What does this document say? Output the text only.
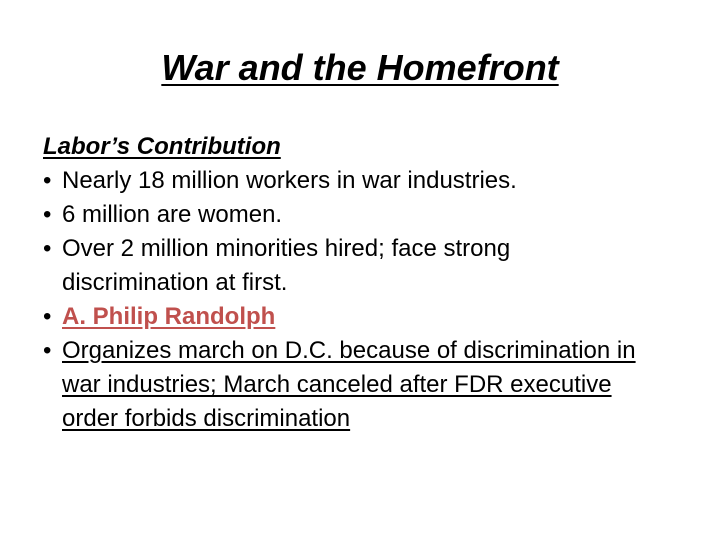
War and the Homefront
Labor’s Contribution
• Nearly 18 million workers in war industries.
• 6 million are women.
• Over 2 million minorities hired; face strong discrimination at first.
• A. Philip Randolph
• Organizes march on D.C. because of discrimination in war industries; March canceled after FDR executive order forbids discrimination
